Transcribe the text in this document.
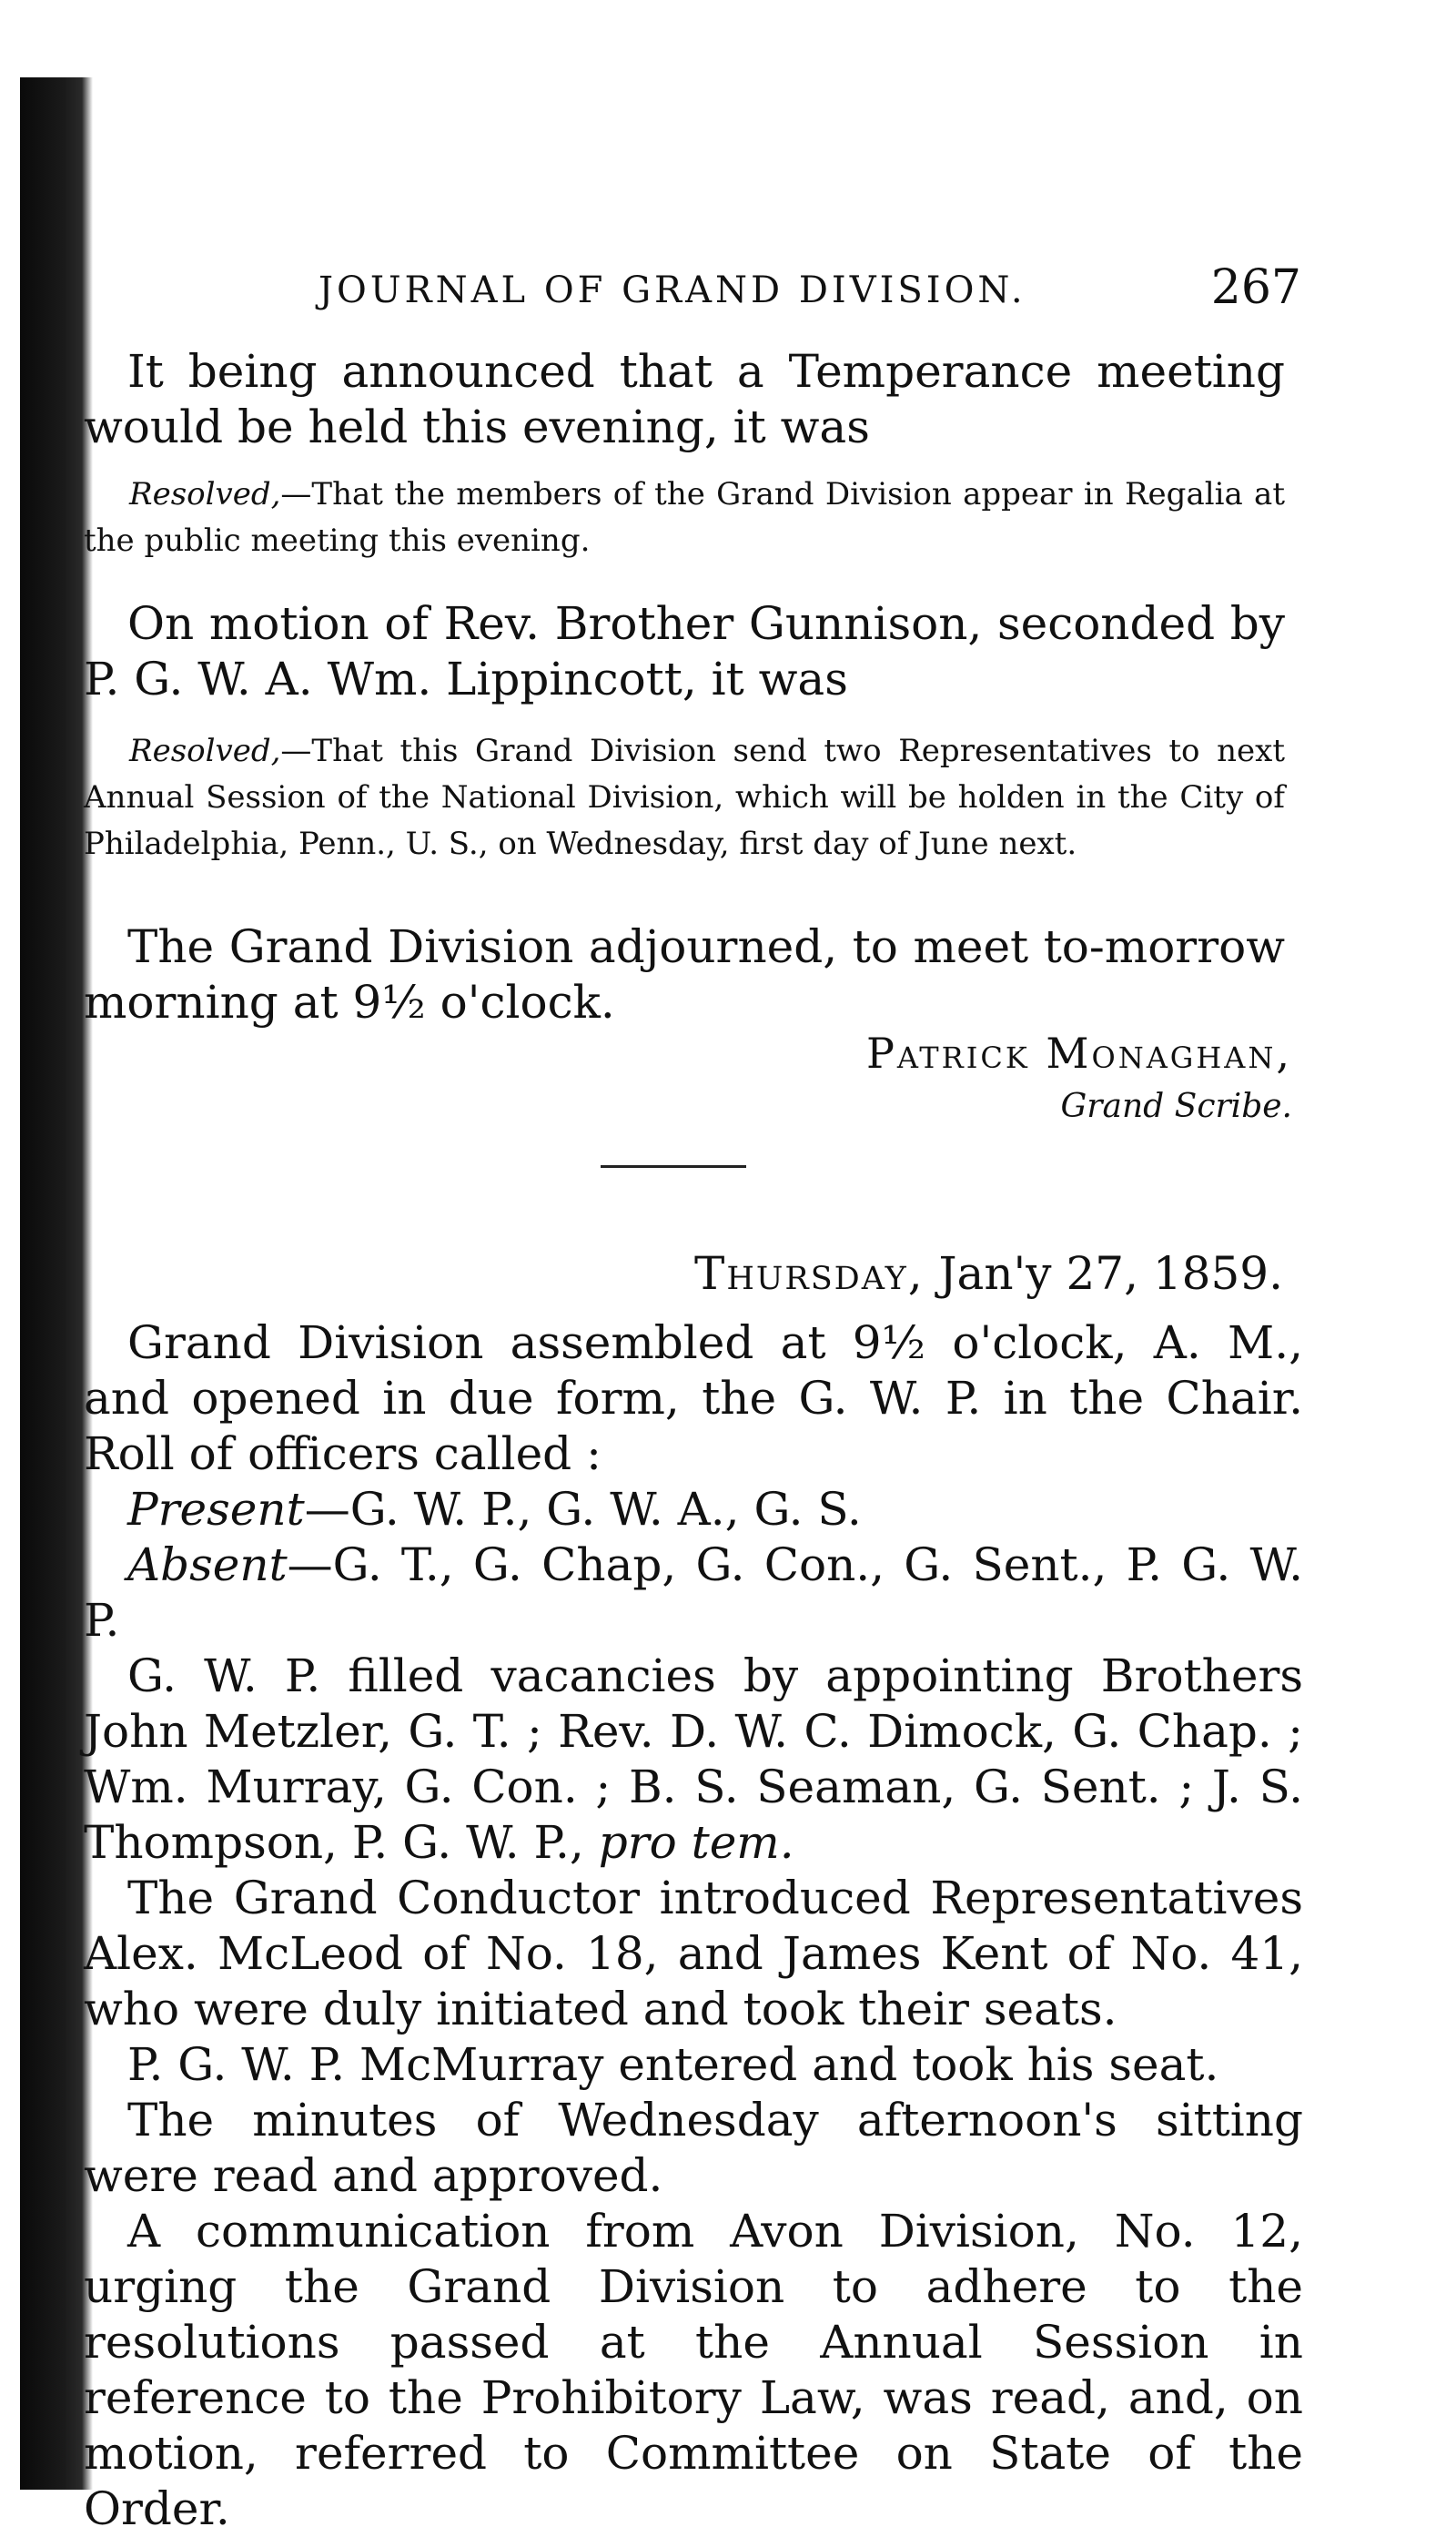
JOURNAL OF GRAND DIVISION.	267

It being announced that a Temperance meeting would be held this evening, it was

Resolved,—That the members of the Grand Division appear in Regalia at the public meeting this evening.

On motion of Rev. Brother Gunnison, seconded by P. G. W. A. Wm. Lippincott, it was

Resolved,—That this Grand Division send two Representatives to next Annual Session of the National Division, which will be holden in the City of Philadelphia, Penn., U. S., on Wednesday, first day of June next.

The Grand Division adjourned, to meet to-morrow morning at 9½ o'clock.

Patrick Monaghan,
Grand Scribe.
Thursday, Jan'y 27, 1859.

Grand Division assembled at 9½ o'clock, A. M., and opened in due form, the G. W. P. in the Chair. Roll of officers called :

Present—G. W. P., G. W. A., G. S.

Absent—G. T., G. Chap, G. Con., G. Sent., P. G. W. P.

G. W. P. filled vacancies by appointing Brothers John Metzler, G. T. ; Rev. D. W. C. Dimock, G. Chap. ; Wm. Murray, G. Con. ; B. S. Seaman, G. Sent. ; J. S. Thompson, P. G. W. P., pro tem.

The Grand Conductor introduced Representatives Alex. McLeod of No. 18, and James Kent of No. 41, who were duly initiated and took their seats.

P. G. W. P. McMurray entered and took his seat.

The minutes of Wednesday afternoon's sitting were read and approved.

A communication from Avon Division, No. 12, urging the Grand Division to adhere to the resolutions passed at the Annual Session in reference to the Prohibitory Law, was read, and, on motion, referred to Committee on State of the Order.
